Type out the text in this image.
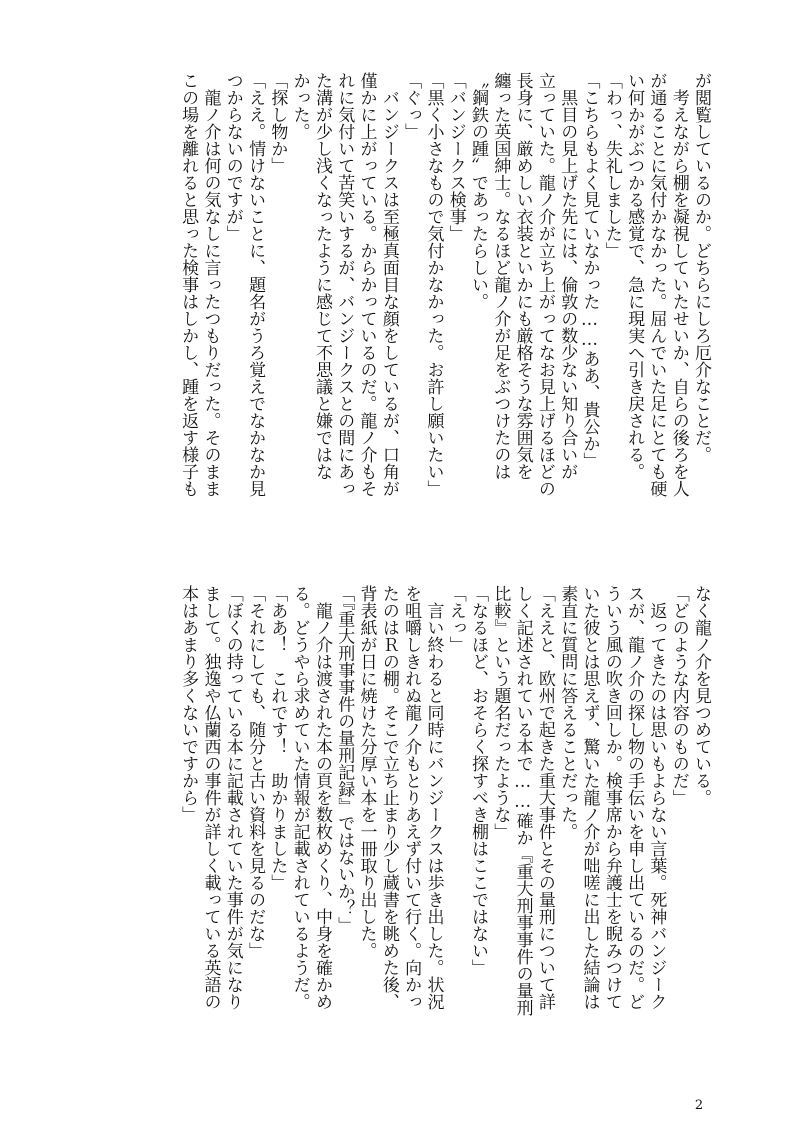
が閲覧しているのか。どちらにしろ厄介なことだ。
　考えながら棚を凝視していたせいか、自らの後ろを人
が通ることに気付かなかった。屈んでいた足にとても硬
い何かがぶつかる感覚で、急に現実へ引き戻される。
「わっ、失礼しました」
「こちらもよく見ていなかった……ああ、貴公か」
　黒目の見上げた先には、倫敦の数少ない知り合いが
立っていた。龍ノ介が立ち上がってなお見上げるほどの
長身に、厳めしい衣装といかにも厳格そうな雰囲気を
纏った英国紳士。なるほど龍ノ介が足をぶつけたのは
〝鋼鉄の踵〟であったらしい。
「バンジークス検事」
「黒く小さなもので気付かなかった。お許し願いたい」
「ぐっ」
　バンジークスは至極真面目な顔をしているが、口角が
僅かに上がっている。からかっているのだ。龍ノ介もそ
れに気付いて苦笑いするが、バンジークスとの間にあっ
た溝が少し浅くなったように感じて不思議と嫌ではな
かった。
「探し物か」
「ええ。情けないことに、題名がうろ覚えでなかなか見
つからないのですが」
　龍ノ介は何の気なしに言ったつもりだった。そのまま
この場を離れると思った検事はしかし、踵を返す様子も
なく龍ノ介を見つめている。
「どのような内容のものだ」
　返ってきたのは思いもよらない言葉。死神バンジーク
スが、龍ノ介の探し物の手伝いを申し出ているのだ。ど
ういう風の吹き回しか。検事席から弁護士を睨みつけて
いた彼とは思えず、驚いた龍ノ介が咄嗟に出した結論は
素直に質問に答えることだった。
「ええと、欧州で起きた重大事件とその量刑について詳
しく記述されている本で……確か『重大刑事事件の量刑
比較』という題名だったような」
「なるほど、おそらく探すべき棚はここではない」
「えっ」
　言い終わると同時にバンジークスは歩き出した。状況
を咀嚼しきれぬ龍ノ介もとりあえず付いて行く。向かっ
たのはＲの棚。そこで立ち止まり少し蔵書を眺めた後、
背表紙が日に焼けた分厚い本を一冊取り出した。
「『重大刑事事件の量刑記録』ではないか？」
　龍ノ介は渡された本の頁を数枚めくり、中身を確かめ
る。どうやら求めていた情報が記載されているようだ。
「ああ！　これです！　助かりました」
「それにしても、随分と古い資料を見るのだな」
「ぼくの持っている本に記載されていた事件が気になり
まして。独逸や仏蘭西の事件が詳しく載っている英語の
本はあまり多くないですから」
2
